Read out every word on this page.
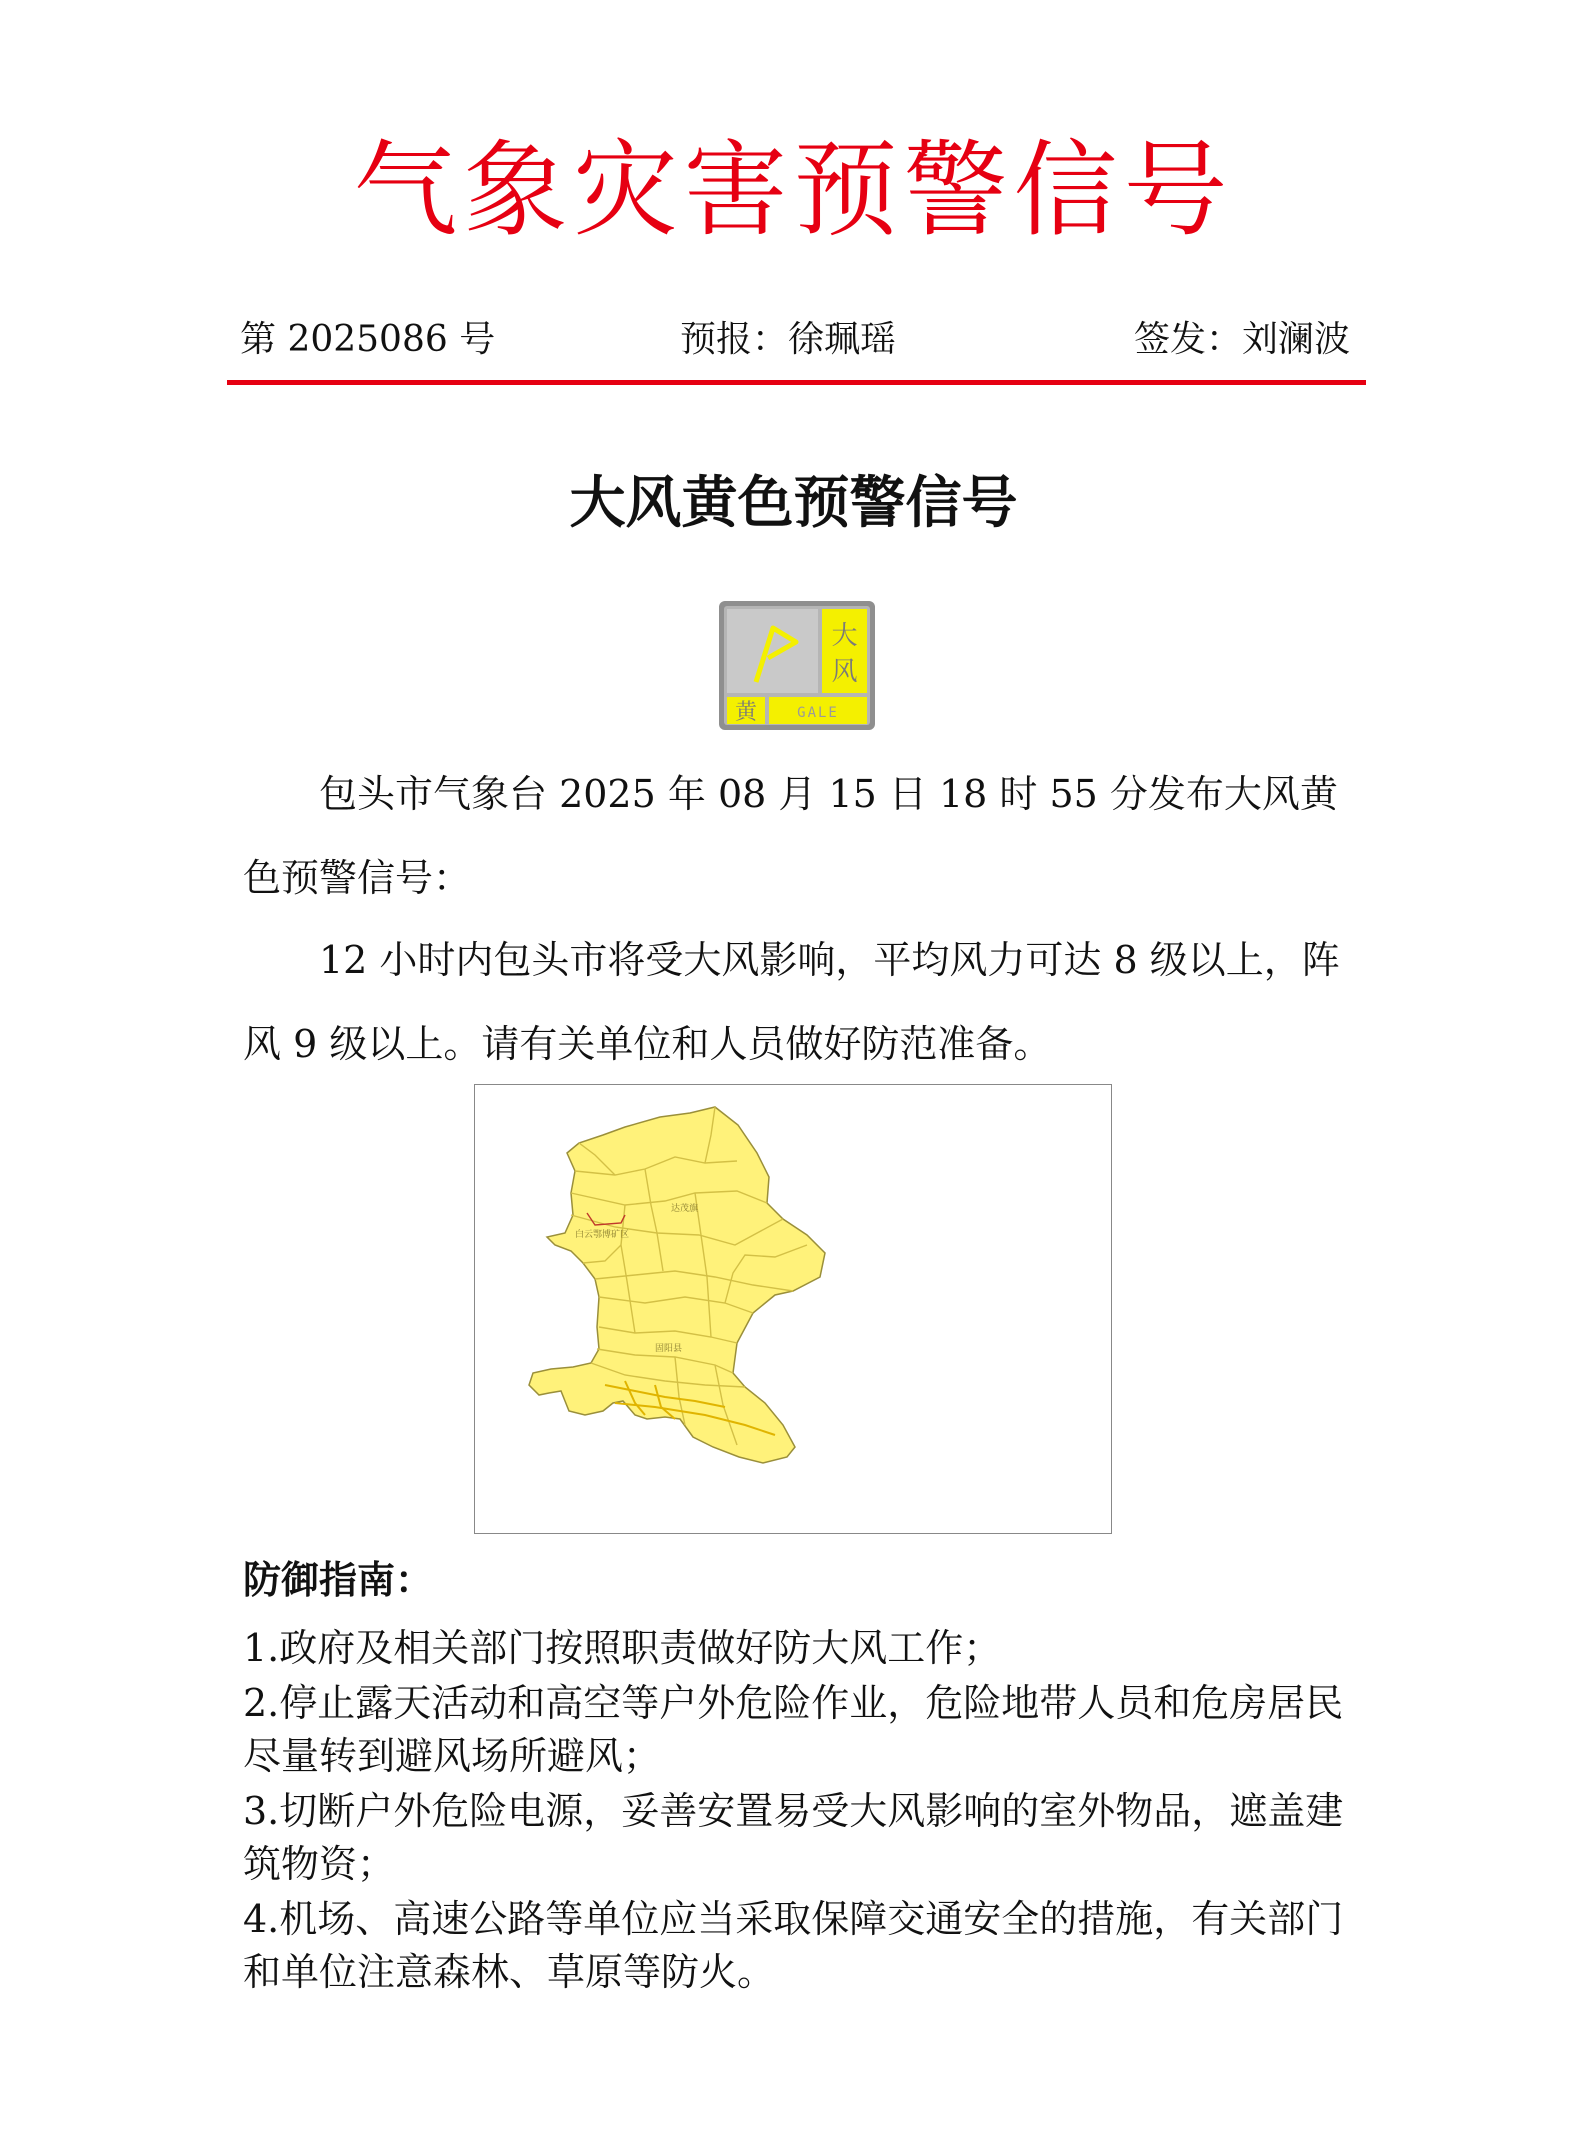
气象灾害预警信号
第 2025086 号	预报：徐珮瑶	签发：刘澜波
大风黄色预警信号
大
风
黄	GALE

包头市气象台 2025 年 08 月 15 日 18 时 55 分发布大风黄色预警信号：

12 小时内包头市将受大风影响，平均风力可达 8 级以上，阵风 9 级以上。请有关单位和人员做好防范准备。

达茂旗
白云鄂博矿区
固阳县
防御指南：
1.政府及相关部门按照职责做好防大风工作；
2.停止露天活动和高空等户外危险作业，危险地带人员和危房居民尽量转到避风场所避风；
3.切断户外危险电源，妥善安置易受大风影响的室外物品，遮盖建筑物资；
4.机场、高速公路等单位应当采取保障交通安全的措施，有关部门和单位注意森林、草原等防火。
